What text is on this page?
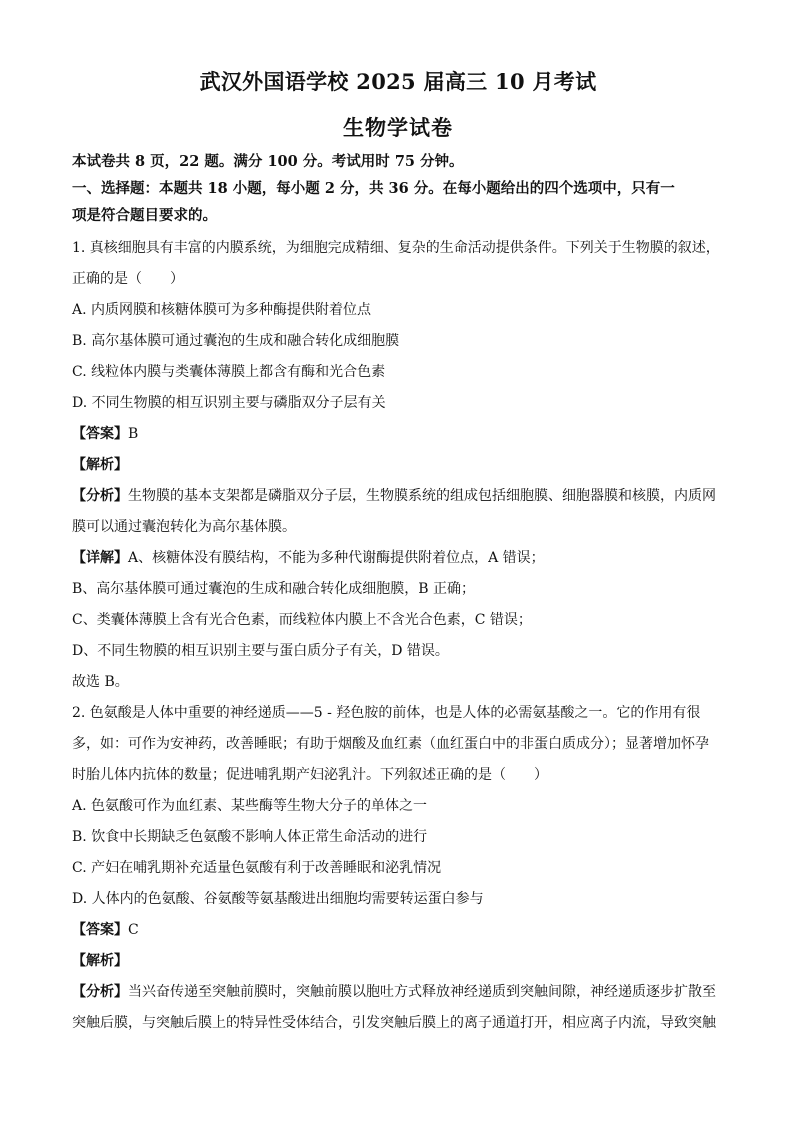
武汉外国语学校 2025 届高三 10 月考试
生物学试卷

本试卷共 8 页，22 题。满分 100 分。考试用时 75 分钟。

一、选择题：本题共 18 小题，每小题 2 分，共 36 分。在每小题给出的四个选项中，只有一

项是符合题目要求的。

1. 真核细胞具有丰富的内膜系统，为细胞完成精细、复杂的生命活动提供条件。下列关于生物膜的叙述，

正确的是（　　）

A. 内质网膜和核糖体膜可为多种酶提供附着位点

B. 高尔基体膜可通过囊泡的生成和融合转化成细胞膜

C. 线粒体内膜与类囊体薄膜上都含有酶和光合色素

D. 不同生物膜的相互识别主要与磷脂双分子层有关

【答案】B

【解析】

【分析】生物膜的基本支架都是磷脂双分子层，生物膜系统的组成包括细胞膜、细胞器膜和核膜，内质网

膜可以通过囊泡转化为高尔基体膜。

【详解】A、核糖体没有膜结构，不能为多种代谢酶提供附着位点，A 错误；

B、高尔基体膜可通过囊泡的生成和融合转化成细胞膜，B 正确；

C、类囊体薄膜上含有光合色素，而线粒体内膜上不含光合色素，C 错误；

D、不同生物膜的相互识别主要与蛋白质分子有关，D 错误。

故选 B。

2. 色氨酸是人体中重要的神经递质——5 - 羟色胺的前体，也是人体的必需氨基酸之一。它的作用有很

多，如：可作为安神药，改善睡眠；有助于烟酸及血红素（血红蛋白中的非蛋白质成分）；显著增加怀孕

时胎儿体内抗体的数量；促进哺乳期产妇泌乳汁。下列叙述正确的是（　　）

A. 色氨酸可作为血红素、某些酶等生物大分子的单体之一

B. 饮食中长期缺乏色氨酸不影响人体正常生命活动的进行

C. 产妇在哺乳期补充适量色氨酸有利于改善睡眠和泌乳情况

D. 人体内的色氨酸、谷氨酸等氨基酸进出细胞均需要转运蛋白参与

【答案】C

【解析】

【分析】当兴奋传递至突触前膜时，突触前膜以胞吐方式释放神经递质到突触间隙，神经递质逐步扩散至

突触后膜，与突触后膜上的特异性受体结合，引发突触后膜上的离子通道打开，相应离子内流，导致突触
